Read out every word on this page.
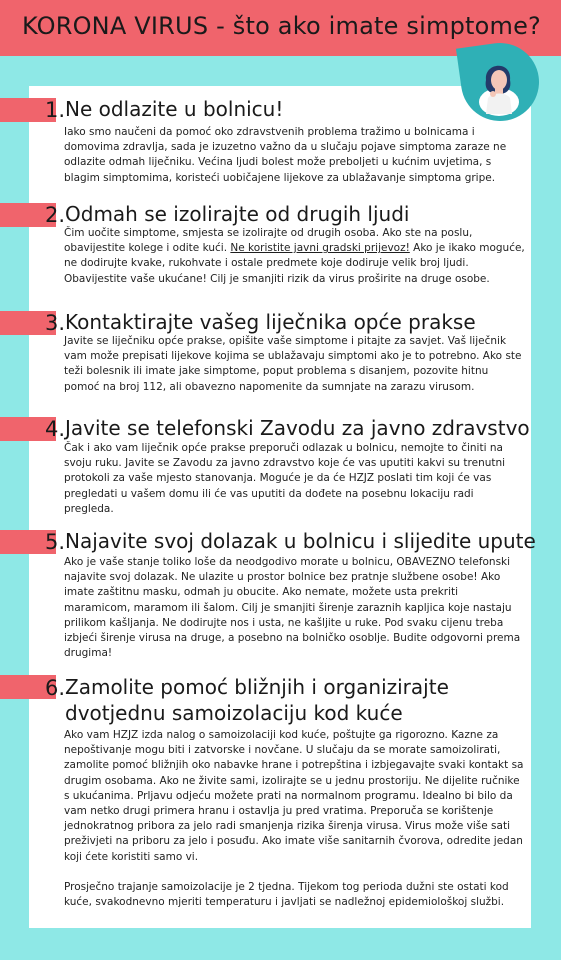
KORONA VIRUS - što ako imate simptome?
1. Ne odlazite u bolnicu!

Iako smo naučeni da pomoć oko zdravstvenih problema tražimo u bolnicama i domovima zdravlja, sada je izuzetno važno da u slučaju pojave simptoma zaraze ne odlazite odmah liječniku. Većina ljudi bolest može preboljeti u kućnim uvjetima, s blagim simptomima, koristeći uobičajene lijekove za ublažavanje simptoma gripe.

2. Odmah se izolirajte od drugih ljudi

Čim uočite simptome, smjesta se izolirajte od drugih osoba. Ako ste na poslu, obavijestite kolege i odite kući. Ne koristite javni gradski prijevoz! Ako je ikako moguće, ne dodirujte kvake, rukohvate i ostale predmete koje dodiruje velik broj ljudi. Obavijestite vaše ukućane! Cilj je smanjiti rizik da virus proširite na druge osobe.

3. Kontaktirajte vašeg liječnika opće prakse

Javite se liječniku opće prakse, opišite vaše simptome i pitajte za savjet. Vaš liječnik vam može prepisati lijekove kojima se ublažavaju simptomi ako je to potrebno. Ako ste teži bolesnik ili imate jake simptome, poput problema s disanjem, pozovite hitnu pomoć na broj 112, ali obavezno napomenite da sumnjate na zarazu virusom.

4. Javite se telefonski Zavodu za javno zdravstvo

Čak i ako vam liječnik opće prakse preporuči odlazak u bolnicu, nemojte to činiti na svoju ruku. Javite se Zavodu za javno zdravstvo koje će vas uputiti kakvi su trenutni protokoli za vaše mjesto stanovanja. Moguće je da će HZJZ poslati tim koji će vas pregledati u vašem domu ili će vas uputiti da dođete na posebnu lokaciju radi pregleda.

5. Najavite svoj dolazak u bolnicu i slijedite upute

Ako je vaše stanje toliko loše da neodgodivo morate u bolnicu, OBAVEZNO telefonski najavite svoj dolazak. Ne ulazite u prostor bolnice bez pratnje službene osobe! Ako imate zaštitnu masku, odmah ju obucite. Ako nemate, možete usta prekriti maramicom, maramom ili šalom. Cilj je smanjiti širenje zaraznih kapljica koje nastaju prilikom kašljanja. Ne dodirujte nos i usta, ne kašljite u ruke. Pod svaku cijenu treba izbjeći širenje virusa na druge, a posebno na bolničko osoblje. Budite odgovorni prema drugima!

6. Zamolite pomoć bližnjih i organizirajte
dvotjednu samoizolaciju kod kuće

Ako vam HZJZ izda nalog o samoizolaciji kod kuće, poštujte ga rigorozno. Kazne za nepoštivanje mogu biti i zatvorske i novčane. U slučaju da se morate samoizolirati, zamolite pomoć bližnjih oko nabavke hrane i potrepština i izbjegavajte svaki kontakt sa drugim osobama. Ako ne živite sami, izolirajte se u jednu prostoriju. Ne dijelite ručnike s ukućanima. Prljavu odjeću možete prati na normalnom programu. Idealno bi bilo da vam netko drugi primera hranu i ostavlja ju pred vratima. Preporuča se korištenje jednokratnog pribora za jelo radi smanjenja rizika širenja virusa. Virus može više sati preživjeti na priboru za jelo i posuđu. Ako imate više sanitarnih čvorova, odredite jedan koji ćete koristiti samo vi.

Prosječno trajanje samoizolacije je 2 tjedna. Tijekom tog perioda dužni ste ostati kod kuće, svakodnevno mjeriti temperaturu i javljati se nadležnoj epidemiološkoj službi.
